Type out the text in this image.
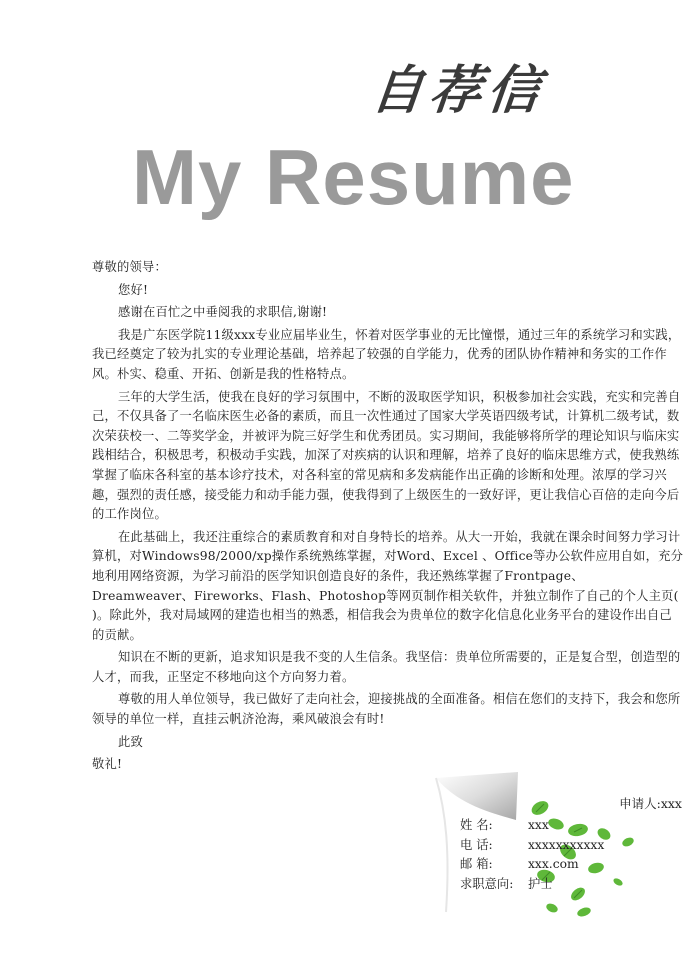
自荐信
My Resume

尊敬的领导：

您好!

感谢在百忙之中垂阅我的求职信,谢谢!

我是广东医学院11级xxx专业应届毕业生，怀着对医学事业的无比憧憬，通过三年的系统学习和实践，我已经奠定了较为扎实的专业理论基础，培养起了较强的自学能力，优秀的团队协作精神和务实的工作作风。朴实、稳重、开拓、创新是我的性格特点。

三年的大学生活，使我在良好的学习氛围中，不断的汲取医学知识，积极参加社会实践，充实和完善自己，不仅具备了一名临床医生必备的素质，而且一次性通过了国家大学英语四级考试，计算机二级考试，数次荣获校一、二等奖学金，并被评为院三好学生和优秀团员。实习期间，我能够将所学的理论知识与临床实践相结合，积极思考，积极动手实践，加深了对疾病的认识和理解，培养了良好的临床思维方式，使我熟练掌握了临床各科室的基本诊疗技术，对各科室的常见病和多发病能作出正确的诊断和处理。浓厚的学习兴趣，强烈的责任感，接受能力和动手能力强，使我得到了上级医生的一致好评，更让我信心百倍的走向今后的工作岗位。

在此基础上，我还注重综合的素质教育和对自身特长的培养。从大一开始，我就在课余时间努力学习计算机，对Windows98/2000/xp操作系统熟练掌握，对Word、Excel 、Office等办公软件应用自如，充分地利用网络资源，为学习前沿的医学知识创造良好的条件，我还熟练掌握了Frontpage、Dreamweaver、Fireworks、Flash、Photoshop等网页制作相关软件，并独立制作了自己的个人主页( )。除此外，我对局域网的建造也相当的熟悉，相信我会为贵单位的数字化信息化业务平台的建设作出自己的贡献。

知识在不断的更新，追求知识是我不变的人生信条。我坚信：贵单位所需要的，正是复合型，创造型的人才，而我，正坚定不移地向这个方向努力着。

尊敬的用人单位领导，我已做好了走向社会，迎接挑战的全面准备。相信在您们的支持下，我会和您所领导的单位一样，直挂云帆济沧海，乘风破浪会有时!

此致

敬礼!

申请人:xxx
姓 名:	xxx
电 话:	xxxxxxxxxxx
邮 箱:	xxx.com
求职意向: 护士
